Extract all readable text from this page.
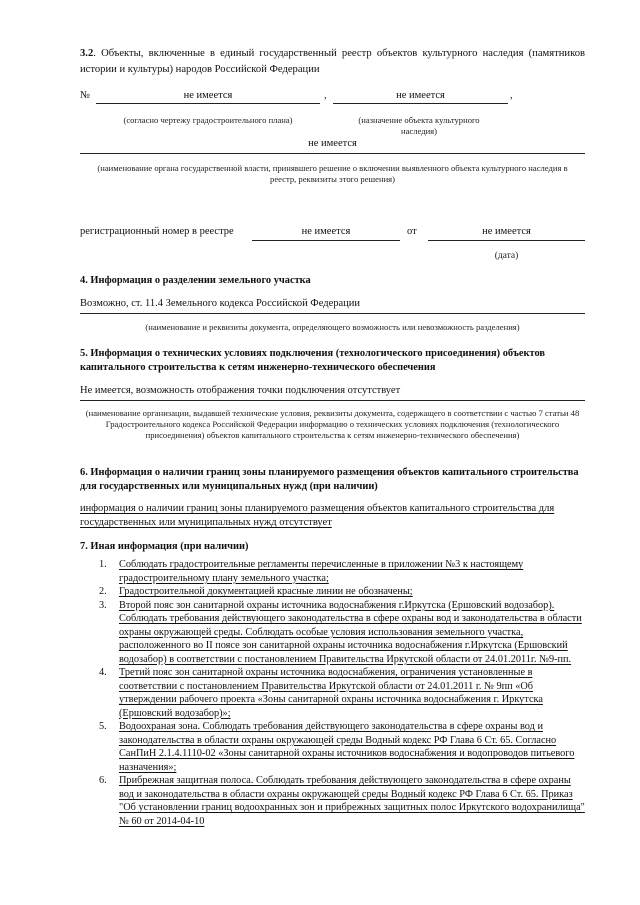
3.2. Объекты, включенные в единый государственный реестр объектов культурного наследия (памятников истории и культуры) народов Российской Федерации
№	не имеется	,	не имеется	,
(согласно чертежу градостроительного плана)	(назначение объекта культурного наследия)
не имеется
(наименование органа государственной власти, принявшего решение о включении выявленного объекта культурного наследия в реестр, реквизиты этого решения)
регистрационный номер в реестре	не имеется	от	не имеется
(дата)
4. Информация о разделении земельного участка
Возможно, ст. 11.4 Земельного кодекса Российской Федерации
(наименование и реквизиты документа, определяющего возможность или невозможность разделения)
5. Информация о технических условиях подключения (технологического присоединения) объектов капитального строительства к сетям инженерно-технического обеспечения
Не имеется, возможность отображения точки подключения отсутствует
(наименование организации, выдавшей технические условия, реквизиты документа, содержащего в соответствии с частью 7 статьи 48 Градостроительного кодекса Российской Федерации информацию о технических условиях подключения (технологического присоединения) объектов капитального строительства к сетям инженерно-технического обеспечения)
6. Информация о наличии границ зоны планируемого размещения объектов капитального строительства для государственных или муниципальных нужд (при наличии)
информация о наличии границ зоны планируемого размещения объектов капитального строительства для государственных или муниципальных нужд отсутствует
7. Иная информация (при наличии)
1. Соблюдать градостроительные регламенты перечисленные в приложении №3 к настоящему градостроительному плану земельного участка;
2. Градостроительной документацией красные линии не обозначены;
3. Второй пояс зон санитарной охраны источника водоснабжения г.Иркутска (Ершовский водозабор). Соблюдать требования действующего законодательства в сфере охраны вод и законодательства в области охраны окружающей среды. Соблюдать особые условия использования земельного участка, расположенного во II поясе зон санитарной охраны источника водоснабжения г.Иркутска (Ершовский водозабор) в соответствии с постановлением Правительства Иркутской области от 24.01.2011г. №9-пп.
4. Третий пояс зон санитарной охраны источника водоснабжения, ограничения установленные в соответствии с постановлением Правительства Иркутской области от 24.01.2011 г. № 9пп «Об утверждении рабочего проекта «Зоны санитарной охраны источника водоснабжения г. Иркутска (Ершовский водозабор)»;
5. Водоохраная зона. Соблюдать требования действующего законодательства в сфере охраны вод и законодательства в области охраны окружающей среды Водный кодекс РФ Глава 6 Ст. 65. Согласно СанПиН 2.1.4.1110-02 «Зоны санитарной охраны источников водоснабжения и водопроводов питьевого назначения»;
6. Прибрежная защитная полоса. Соблюдать требования действующего законодательства в сфере охраны вод и законодательства в области охраны окружающей среды Водный кодекс РФ Глава 6 Ст. 65. Приказ "Об установлении границ водоохранных зон и прибрежных защитных полос Иркутского водохранилища" № 60 от 2014-04-10
